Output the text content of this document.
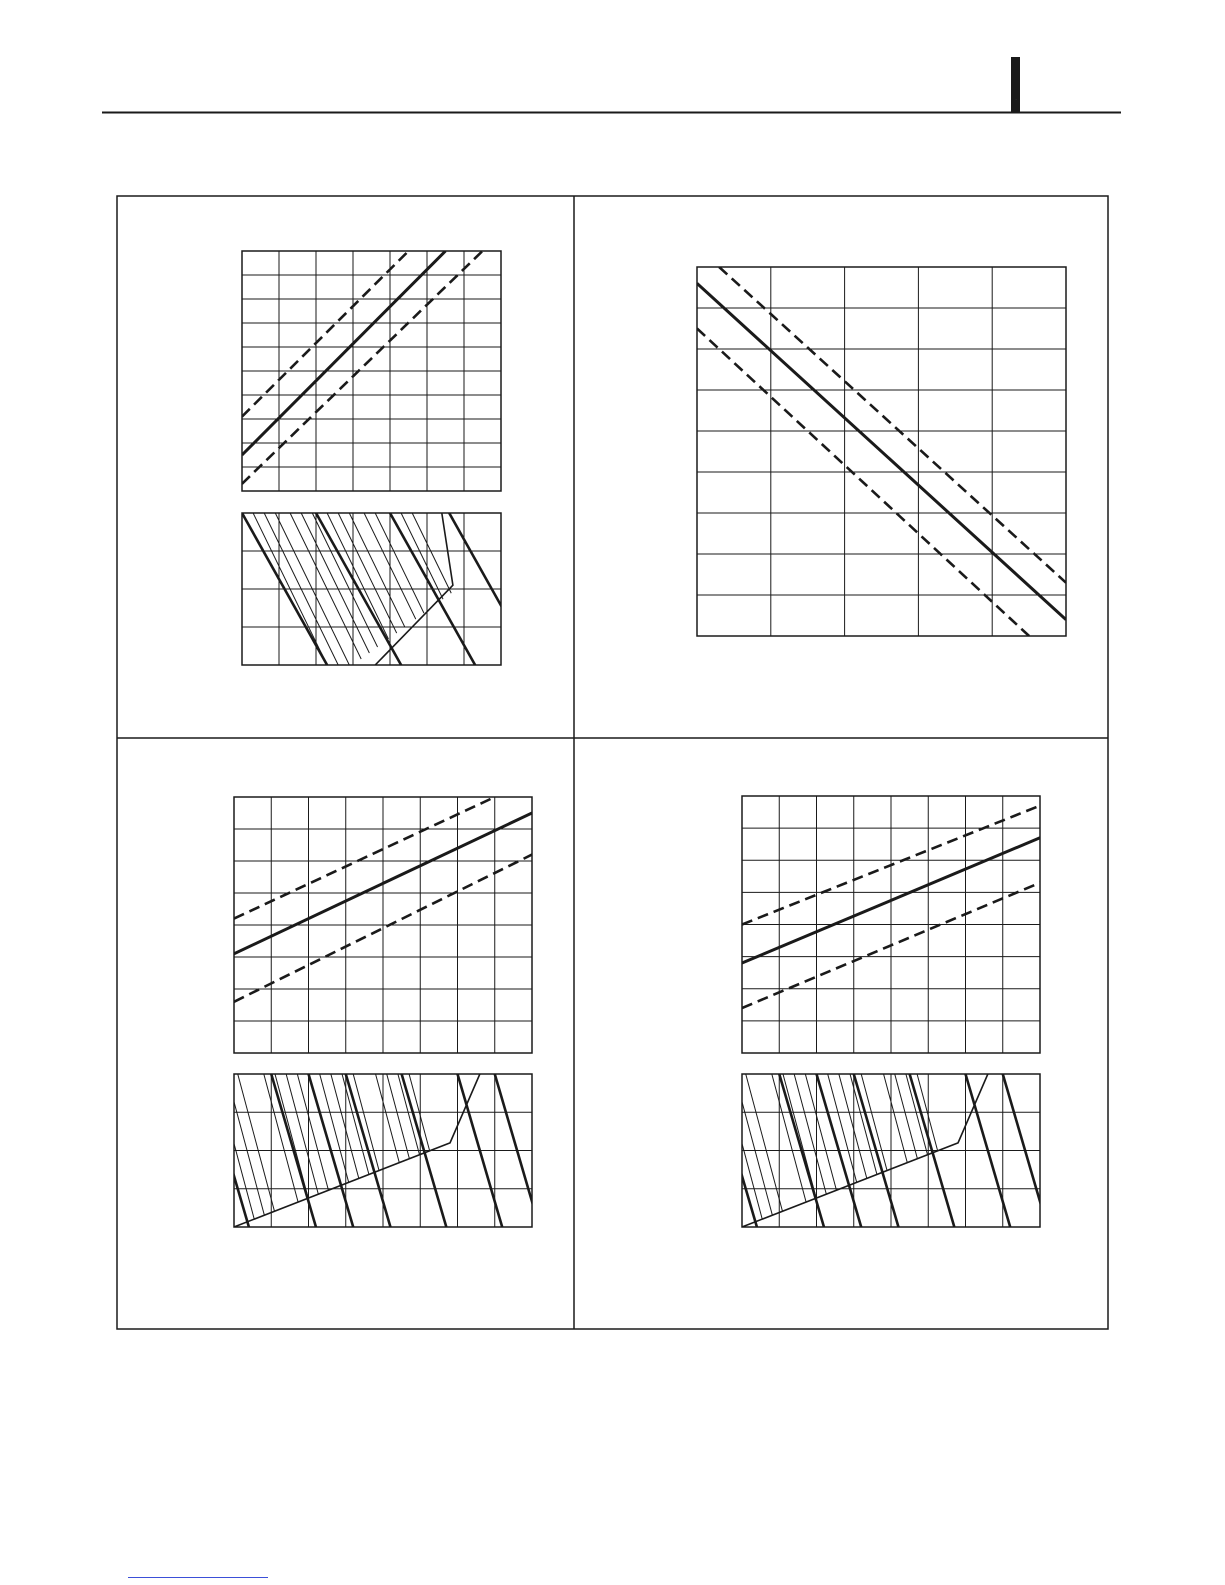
I
